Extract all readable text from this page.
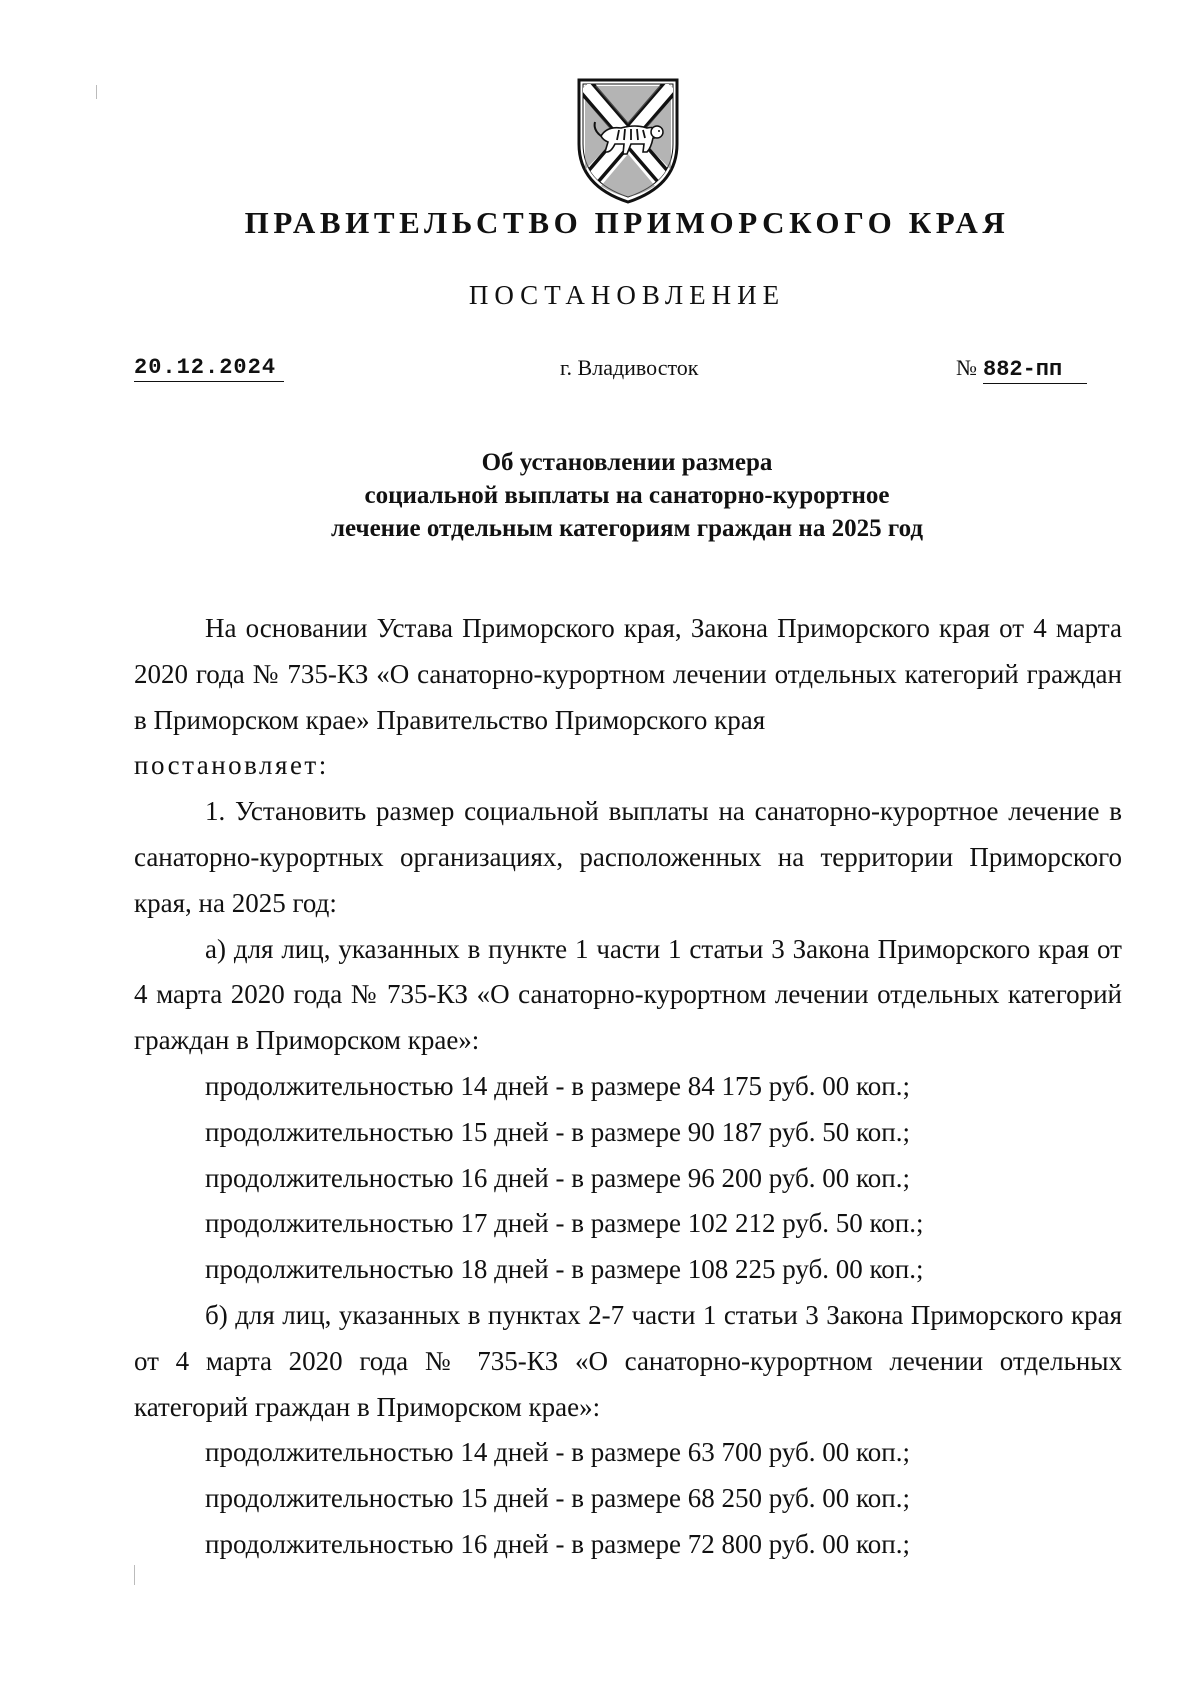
ПРАВИТЕЛЬСТВО ПРИМОРСКОГО КРАЯ
ПОСТАНОВЛЕНИЕ
20.12.2024	г. Владивосток	№ 882-пп
Об установлении размера
социальной выплаты на санаторно-курортное
лечение отдельным категориям граждан на 2025 год

На основании Устава Приморского края, Закона Приморского края от 4 марта 2020 года № 735-КЗ «О санаторно-курортном лечении отдельных категорий граждан в Приморском крае» Правительство Приморского края

постановляет:

1. Установить размер социальной выплаты на санаторно-курортное лечение в санаторно-курортных организациях, расположенных на территории Приморского края, на 2025 год:

а) для лиц, указанных в пункте 1 части 1 статьи 3 Закона Приморского края от 4 марта 2020 года № 735-КЗ «О санаторно-курортном лечении отдельных категорий граждан в Приморском крае»:

продолжительностью 14 дней - в размере 84 175 руб. 00 коп.;
продолжительностью 15 дней - в размере 90 187 руб. 50 коп.;
продолжительностью 16 дней - в размере 96 200 руб. 00 коп.;
продолжительностью 17 дней - в размере 102 212 руб. 50 коп.;
продолжительностью 18 дней - в размере 108 225 руб. 00 коп.;

б) для лиц, указанных в пунктах 2-7 части 1 статьи 3 Закона Приморского края от 4 марта 2020 года № 735-КЗ «О санаторно-курортном лечении отдельных категорий граждан в Приморском крае»:

продолжительностью 14 дней - в размере 63 700 руб. 00 коп.;
продолжительностью 15 дней - в размере 68 250 руб. 00 коп.;
продолжительностью 16 дней - в размере 72 800 руб. 00 коп.;
